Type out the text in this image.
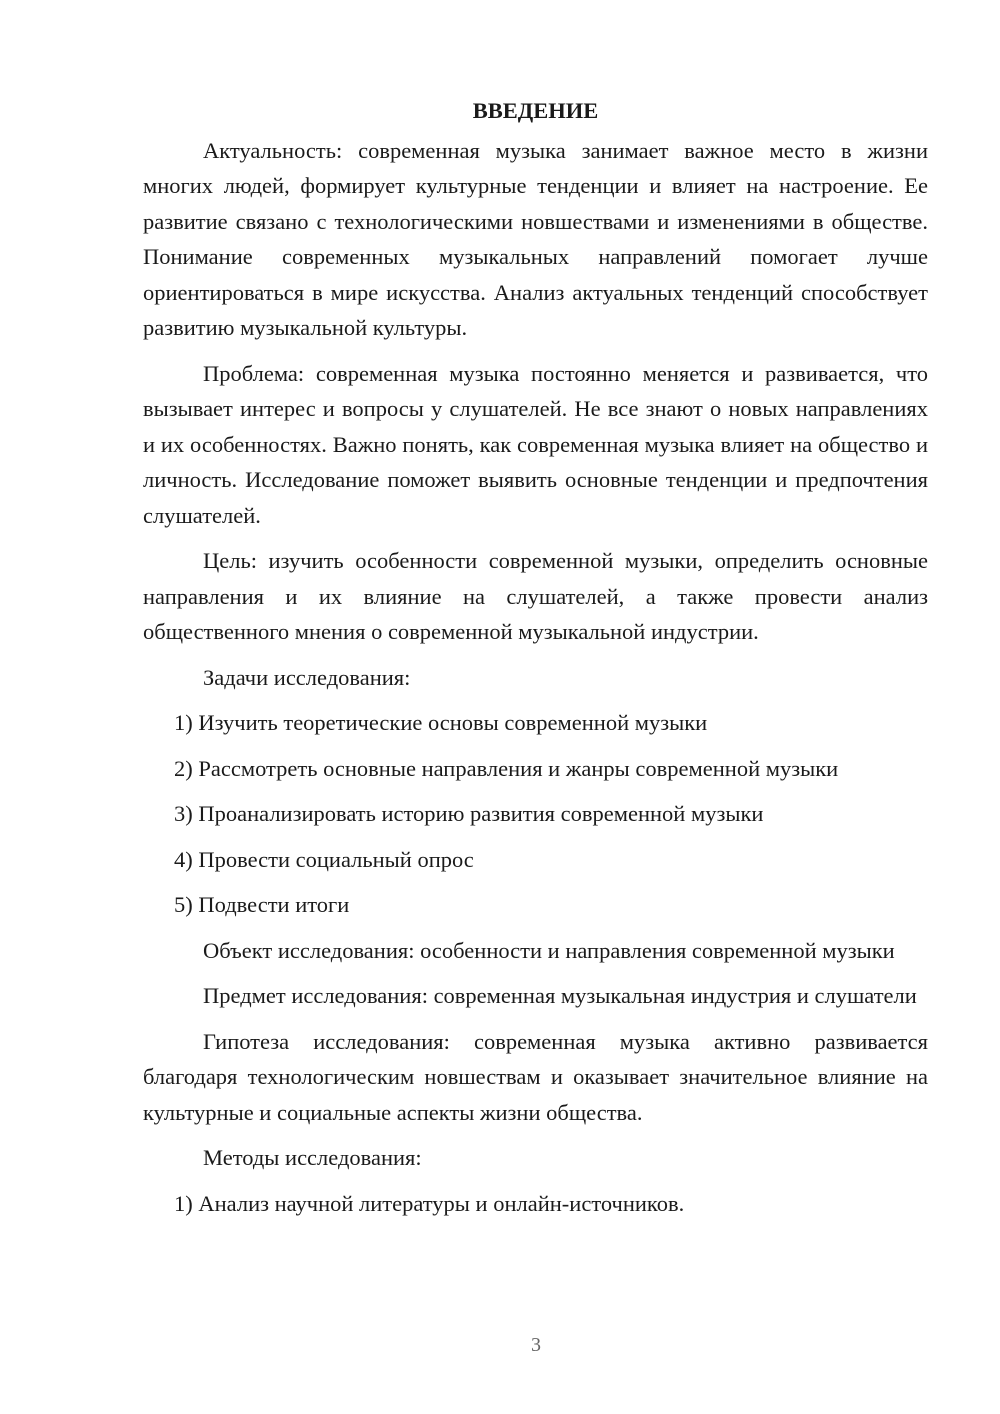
ВВЕДЕНИЕ

Актуальность: современная музыка занимает важное место в жизни многих людей, формирует культурные тенденции и влияет на настроение. Ее развитие связано с технологическими новшествами и изменениями в обществе. Понимание современных музыкальных направлений помогает лучше ориентироваться в мире искусства. Анализ актуальных тенденций способствует развитию музыкальной культуры.

Проблема: современная музыка постоянно меняется и развивается, что вызывает интерес и вопросы у слушателей. Не все знают о новых направлениях и их особенностях. Важно понять, как современная музыка влияет на общество и личность. Исследование поможет выявить основные тенденции и предпочтения слушателей.

Цель: изучить особенности современной музыки, определить основные направления и их влияние на слушателей, а также провести анализ общественного мнения о современной музыкальной индустрии.

Задачи исследования:

1) Изучить теоретические основы современной музыки
2) Рассмотреть основные направления и жанры современной музыки
3) Проанализировать историю развития современной музыки
4) Провести социальный опрос
5) Подвести итоги

Объект исследования: особенности и направления современной музыки

Предмет исследования: современная музыкальная индустрия и слушатели

Гипотеза исследования: современная музыка активно развивается благодаря технологическим новшествам и оказывает значительное влияние на культурные и социальные аспекты жизни общества.

Методы исследования:

1) Анализ научной литературы и онлайн-источников.
3
